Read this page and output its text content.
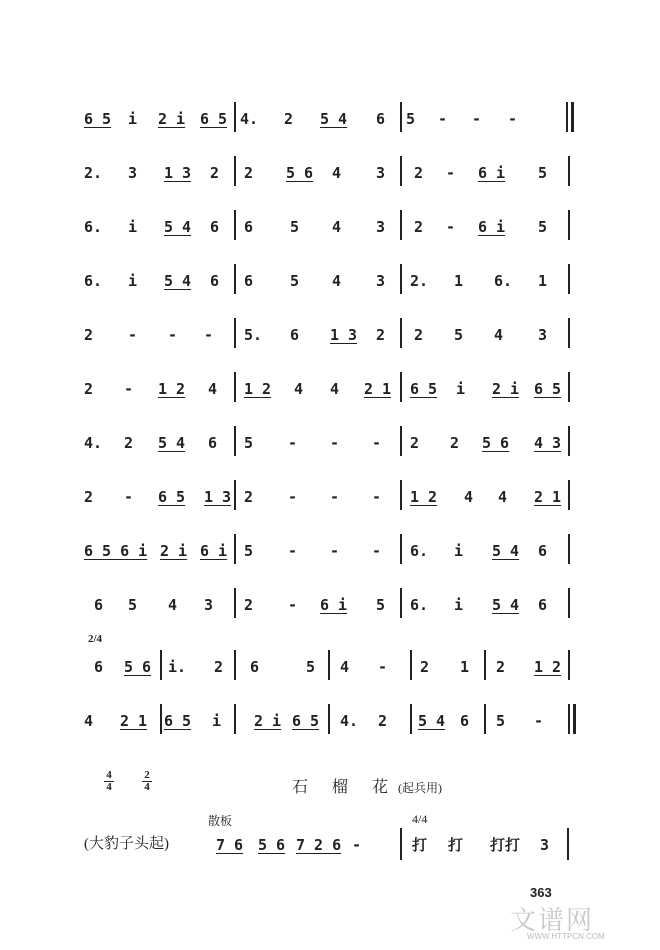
6 5 i 2 i 6 5 4. 2 5 4 6 5 - - -
2. 3 1 3 2 2 5 6 4 3 2 - 6 i 5
6. i 5 4 6 6 5 4 3 2 - 6 i 5
6. i 5 4 6 6 5 4 3 2. 1 6. 1
2 - - - 5. 6 1 3 2 2 5 4 3
2 - 1 2 4 1 2 4 4 2 1 6 5 i 2 i 6 5
4. 2 5 4 6 5 - - - 2 2 5 6 4 3
2 - 6 5 1 3 2 - - - 1 2 4 4 2 1
6 5 6 i 2 i 6 i 5 - - - 6. i 5 4 6
6 5 4 3 2 - 6 i 5 6. i 5 4 6
6 5 6 i. 2 6	5 4 - 2 1 2 1 2
4 2 1 6 5 i 2 i 6 5 4. 2 5 4 6 5 -
2/4
4
4
2
4	石 榴 花(起兵用)
散板	4/4
(大豹子头起)	7 6 5 6 7 2 6 -	打 打 打打 3
363
文谱网
WWW.HTTPCN.COM
